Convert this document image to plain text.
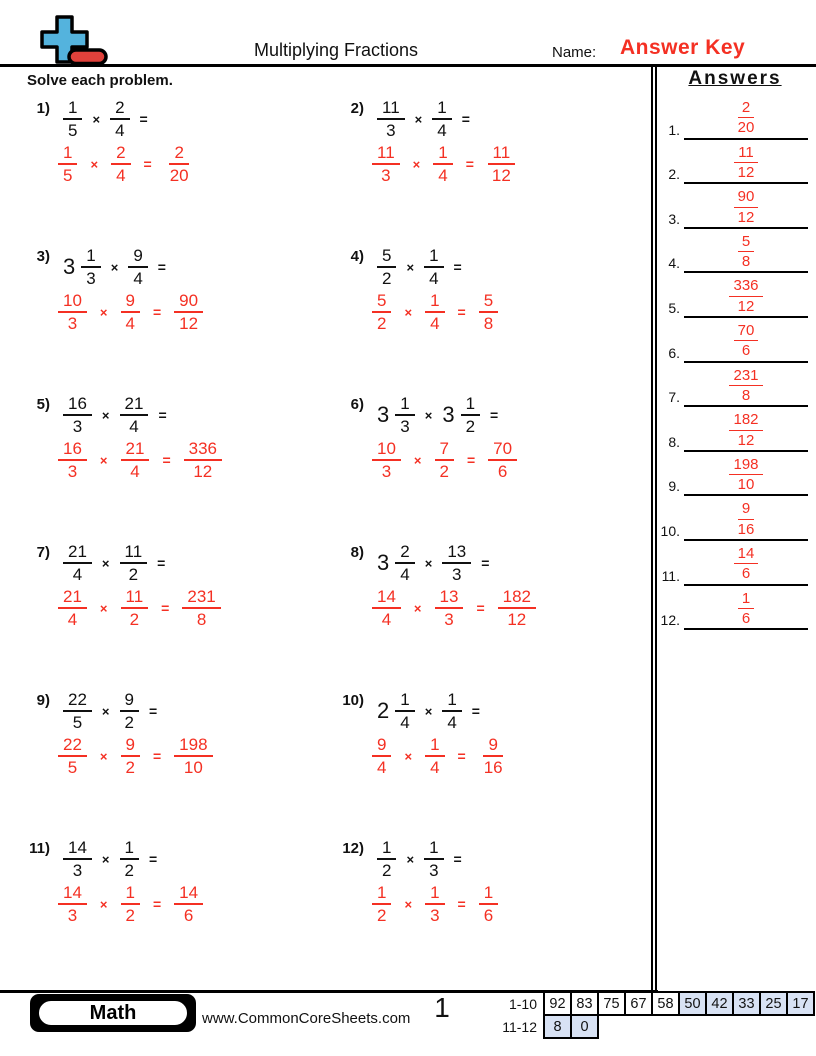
Multiplying Fractions	Name: Answer Key
Solve each problem.
$1) \frac{1}{5} \times \frac{2}{4}$ =
$\frac{1}{5} \times \frac{2}{4} = \frac{2}{20}$
$2) \frac{11}{3} \times \frac{1}{4}$ =
$\frac{11}{3} \times \frac{1}{4} = \frac{11}{12}$
3) $3 \frac{1}{3} \times \frac{9}{4}$ =
$\frac{10}{3} \times \frac{9}{4} = \frac{90}{12}$
$4) \frac{5}{2} \times \frac{1}{4}$ =
$\frac{5}{2} \times \frac{1}{4} = \frac{5}{8}$
$5) \frac{16}{3} \times \frac{21}{4}$ =
$\frac{16}{3} \times \frac{21}{4} = \frac{336}{12}$
6) $3 \frac{1}{3} \times 3 \frac{1}{2}$ =
$\frac{10}{3} \times \frac{7}{2} = \frac{70}{6}$
$7) \frac{21}{4} \times \frac{11}{2}$ =
$\frac{21}{4} \times \frac{11}{2} = \frac{231}{8}$
8) $3 \frac{2}{4} \times \frac{13}{3}$ =
$\frac{14}{4} \times \frac{13}{3} = \frac{182}{12}$
$9) \frac{22}{5} \times \frac{9}{2}$ =
$\frac{22}{5} \times \frac{9}{2} = \frac{198}{10}$
10) $2 \frac{1}{4} \times \frac{1}{4}$ =
$\frac{9}{4} \times \frac{1}{4} = \frac{9}{16}$
$11) \frac{14}{3} \times \frac{1}{2}$ =
$\frac{14}{3} \times \frac{1}{2} = \frac{14}{6}$
$12) \frac{1}{2} \times \frac{1}{3}$ =
$\frac{1}{2} \times \frac{1}{3} = \frac{1}{6}$
Answers
1.	$\frac{2}{20}$
2.	$\frac{11}{12}$
3.	$\frac{90}{12}$
4.	$\frac{5}{8}$
5.	$\frac{336}{12}$
6.	$\frac{70}{6}$
7.	$\frac{231}{8}$
8.	$\frac{182}{12}$
9.	$\frac{198}{10}$
10.	$\frac{9}{16}$
11.	$\frac{14}{6}$
12.	$\frac{1}{6}$
Math	www.CommonCoreSheets.com 1	1-10	92	83	75	67	58	50	42	33	25	17
11-12	8	0								
